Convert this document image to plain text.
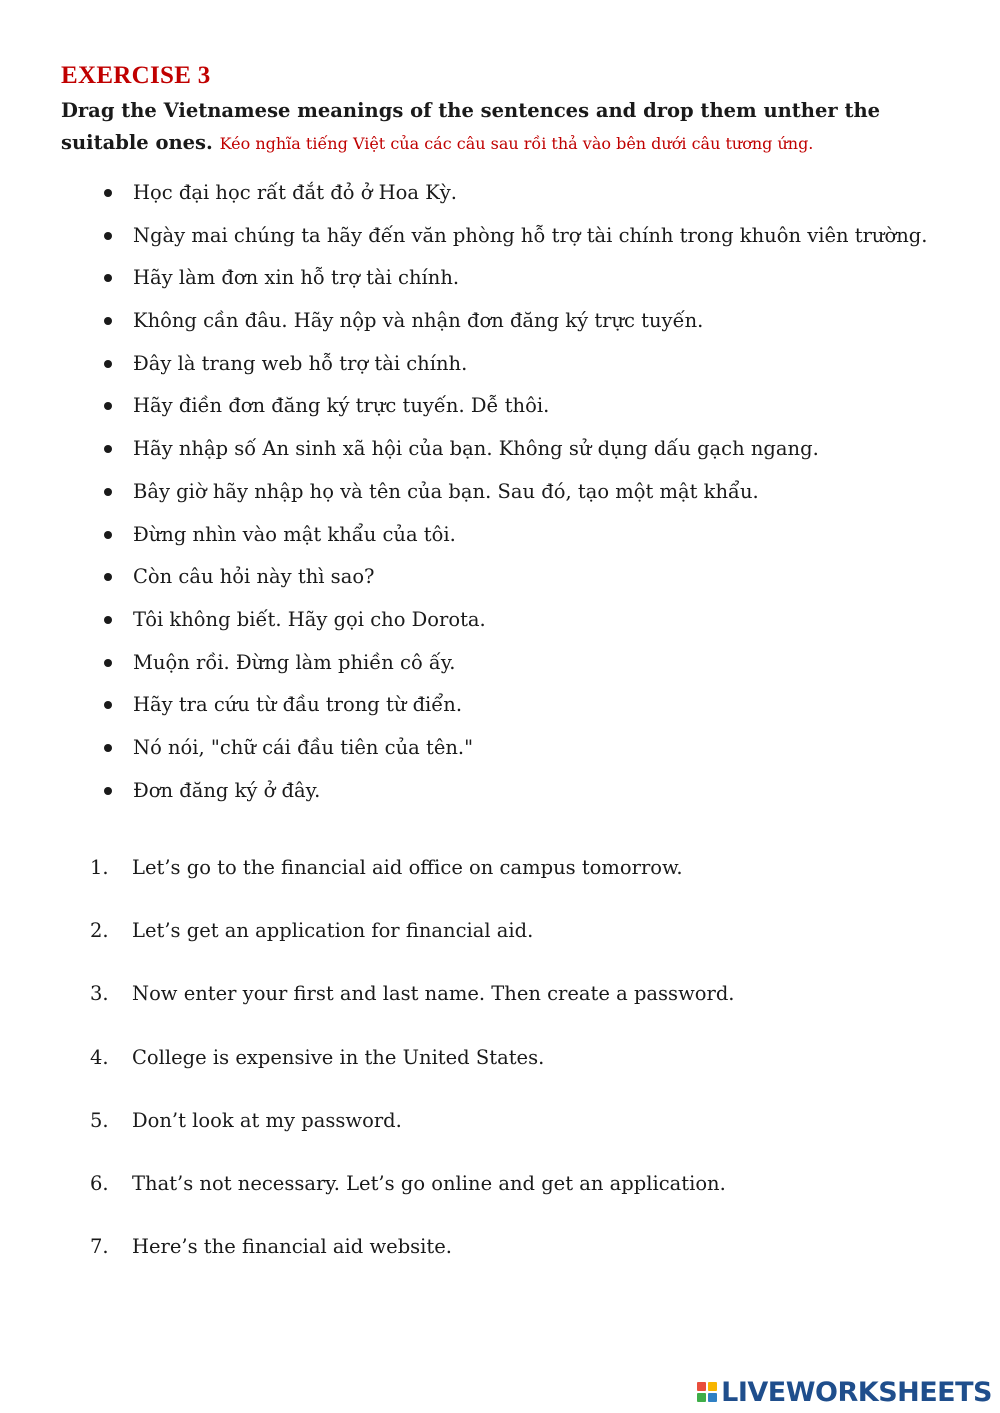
EXERCISE 3
Drag the Vietnamese meanings of the sentences and drop them unther the suitable ones. Kéo nghĩa tiếng Việt của các câu sau rồi thả vào bên dưới câu tương ứng.
Học đại học rất đắt đỏ ở Hoa Kỳ.
Ngày mai chúng ta hãy đến văn phòng hỗ trợ tài chính trong khuôn viên trường.
Hãy làm đơn xin hỗ trợ tài chính.
Không cần đâu. Hãy nộp và nhận đơn đăng ký trực tuyến.
Đây là trang web hỗ trợ tài chính.
Hãy điền đơn đăng ký trực tuyến. Dễ thôi.
Hãy nhập số An sinh xã hội của bạn. Không sử dụng dấu gạch ngang.
Bây giờ hãy nhập họ và tên của bạn. Sau đó, tạo một mật khẩu.
Đừng nhìn vào mật khẩu của tôi.
Còn câu hỏi này thì sao?
Tôi không biết. Hãy gọi cho Dorota.
Muộn rồi. Đừng làm phiền cô ấy.
Hãy tra cứu từ đầu trong từ điển.
Nó nói, "chữ cái đầu tiên của tên."
Đơn đăng ký ở đây.
1. Let’s go to the financial aid office on campus tomorrow.
2. Let’s get an application for financial aid.
3. Now enter your first and last name. Then create a password.
4. College is expensive in the United States.
5. Don’t look at my password.
6. That’s not necessary. Let’s go online and get an application.
7. Here’s the financial aid website.
LIVEWORKSHEETS
